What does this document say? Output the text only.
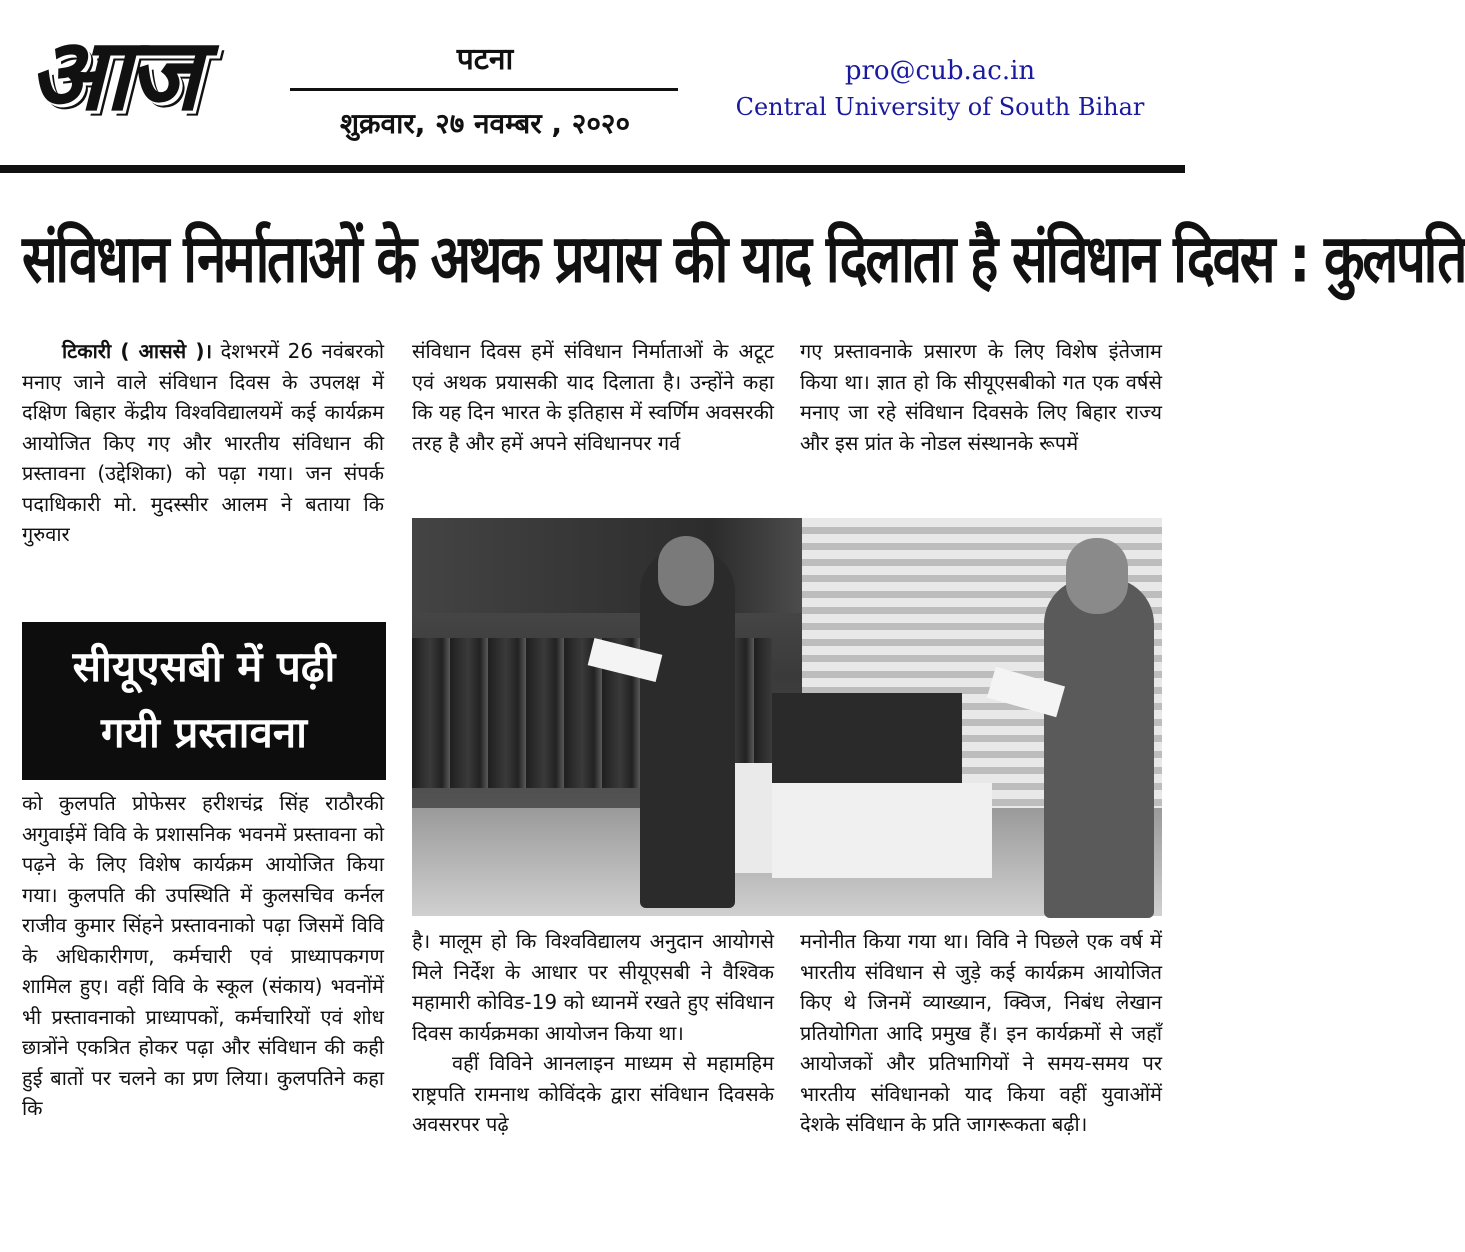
आज	पटना
शुक्रवार, २७ नवम्बर , २०२०
pro@cub.ac.in
Central University of South Bihar
संविधान निर्माताओं के अथक प्रयास की याद दिलाता है संविधान दिवस : कुलपति

टिकारी ( आससे )। देशभरमें 26 नवंबरको मनाए जाने वाले संविधान दिवस के उपलक्ष में दक्षिण बिहार केंद्रीय विश्वविद्यालयमें कई कार्यक्रम आयोजित किए गए और भारतीय संविधान की प्रस्तावना (उद्देशिका) को पढ़ा गया। जन संपर्क पदाधिकारी मो. मुदस्सीर आलम ने बताया कि गुरुवार

सीयूएसबी में पढ़ी
गयी प्रस्तावना

को कुलपति प्रोफेसर हरीशचंद्र सिंह राठौरकी अगुवाईमें विवि के प्रशासनिक भवनमें प्रस्तावना को पढ़ने के लिए विशेष कार्यक्रम आयोजित किया गया। कुलपति की उपस्थिति में कुलसचिव कर्नल राजीव कुमार सिंहने प्रस्तावनाको पढ़ा जिसमें विवि के अधिकारीगण, कर्मचारी एवं प्राध्यापकगण शामिल हुए। वहीं विवि के स्कूल (संकाय) भवनोंमें भी प्रस्तावनाको प्राध्यापकों, कर्मचारियों एवं शोध छात्रोंने एकत्रित होकर पढ़ा और संविधान की कही हुई बातों पर चलने का प्रण लिया। कुलपतिने कहा कि

संविधान दिवस हमें संविधान निर्माताओं के अटूट एवं अथक प्रयासकी याद दिलाता है। उन्होंने कहा कि यह दिन भारत के इतिहास में स्वर्णिम अवसरकी तरह है और हमें अपने संविधानपर गर्व

गए प्रस्तावनाके प्रसारण के लिए विशेष इंतेजाम किया था। ज्ञात हो कि सीयूएसबीको गत एक वर्षसे मनाए जा रहे संविधान दिवसके लिए बिहार राज्य और इस प्रांत के नोडल संस्थानके रूपमें

है। मालूम हो कि विश्वविद्यालय अनुदान आयोगसे मिले निर्देश के आधार पर सीयूएसबी ने वैश्विक महामारी कोविड-19 को ध्यानमें रखते हुए संविधान दिवस कार्यक्रमका आयोजन किया था।

वहीं विविने आनलाइन माध्यम से महामहिम राष्ट्रपति रामनाथ कोविंदके द्वारा संविधान दिवसके अवसरपर पढ़े

मनोनीत किया गया था। विवि ने पिछले एक वर्ष में भारतीय संविधान से जुड़े कई कार्यक्रम आयोजित किए थे जिनमें व्याख्यान, क्विज, निबंध लेखान प्रतियोगिता आदि प्रमुख हैं। इन कार्यक्रमों से जहाँ आयोजकों और प्रतिभागियों ने समय-समय पर भारतीय संविधानको याद किया वहीं युवाओंमें देशके संविधान के प्रति जागरूकता बढ़ी।
